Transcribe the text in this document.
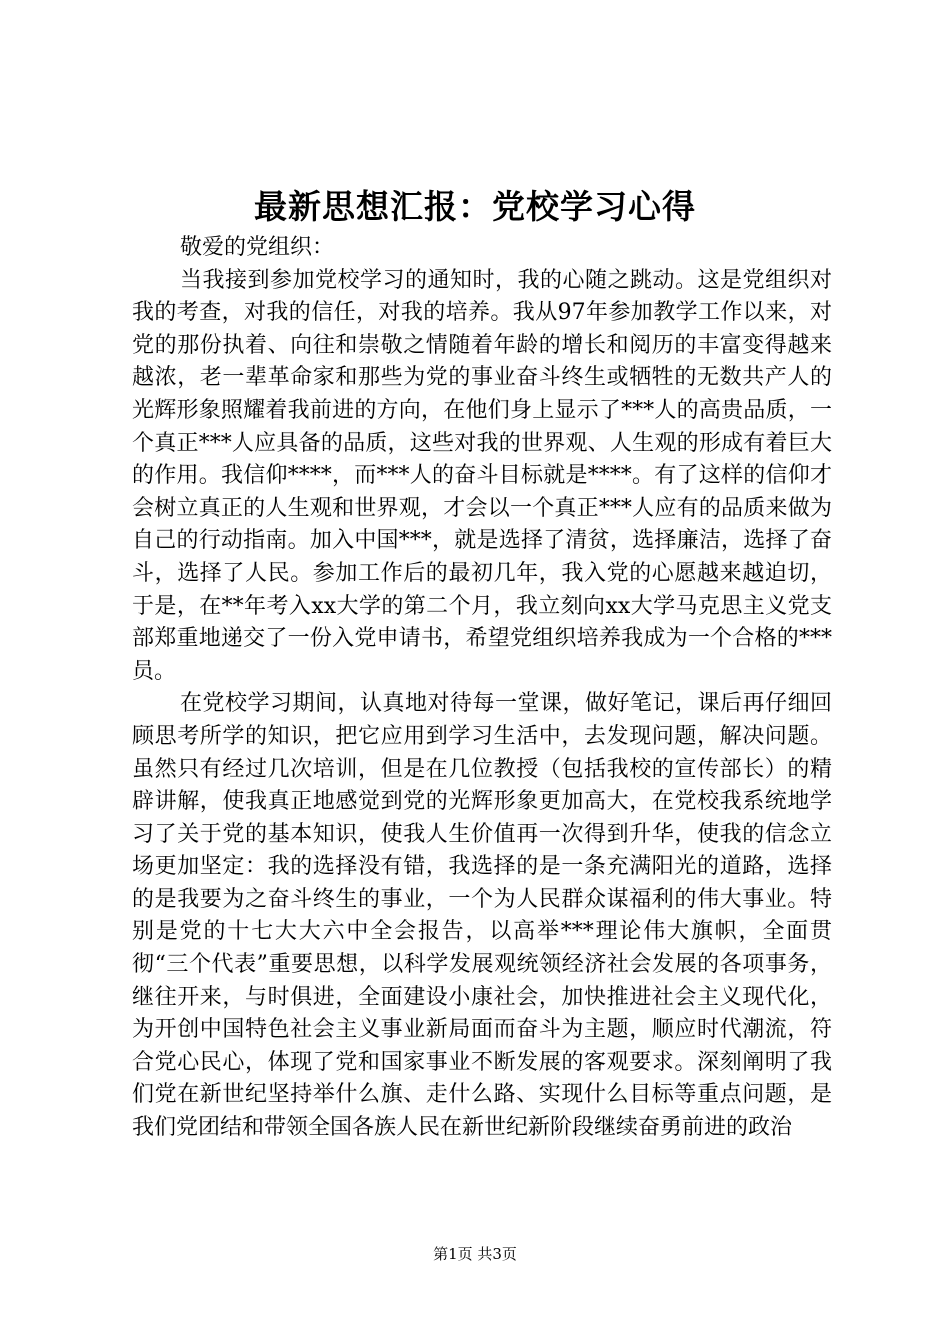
最新思想汇报：党校学习心得

敬爱的党组织：

当我接到参加党校学习的通知时，我的心随之跳动。这是党组织对我的考查，对我的信任，对我的培养。我从97年参加教学工作以来，对党的那份执着、向往和崇敬之情随着年龄的增长和阅历的丰富变得越来越浓，老一辈革命家和那些为党的事业奋斗终生或牺牲的无数共产人的光辉形象照耀着我前进的方向，在他们身上显示了***人的高贵品质，一个真正***人应具备的品质，这些对我的世界观、人生观的形成有着巨大的作用。我信仰****，而***人的奋斗目标就是****。有了这样的信仰才会树立真正的人生观和世界观，才会以一个真正***人应有的品质来做为自己的行动指南。加入中国***，就是选择了清贫，选择廉洁，选择了奋斗，选择了人民。参加工作后的最初几年，我入党的心愿越来越迫切，于是，在**年考入xx大学的第二个月，我立刻向xx大学马克思主义党支部郑重地递交了一份入党申请书，希望党组织培养我成为一个合格的***员。

在党校学习期间，认真地对待每一堂课，做好笔记，课后再仔细回顾思考所学的知识，把它应用到学习生活中，去发现问题，解决问题。虽然只有经过几次培训，但是在几位教授（包括我校的宣传部长）的精辟讲解，使我真正地感觉到党的光辉形象更加高大，在党校我系统地学习了关于党的基本知识，使我人生价值再一次得到升华，使我的信念立场更加坚定：我的选择没有错，我选择的是一条充满阳光的道路，选择的是我要为之奋斗终生的事业，一个为人民群众谋福利的伟大事业。特别是党的十七大大六中全会报告，以高举***理论伟大旗帜，全面贯彻“三个代表”重要思想，以科学发展观统领经济社会发展的各项事务，继往开来，与时俱进，全面建设小康社会，加快推进社会主义现代化，为开创中国特色社会主义事业新局面而奋斗为主题，顺应时代潮流，符合党心民心，体现了党和国家事业不断发展的客观要求。深刻阐明了我们党在新世纪坚持举什么旗、走什么路、实现什么目标等重点问题，是我们党团结和带领全国各族人民在新世纪新阶段继续奋勇前进的政治

第1页 共3页
